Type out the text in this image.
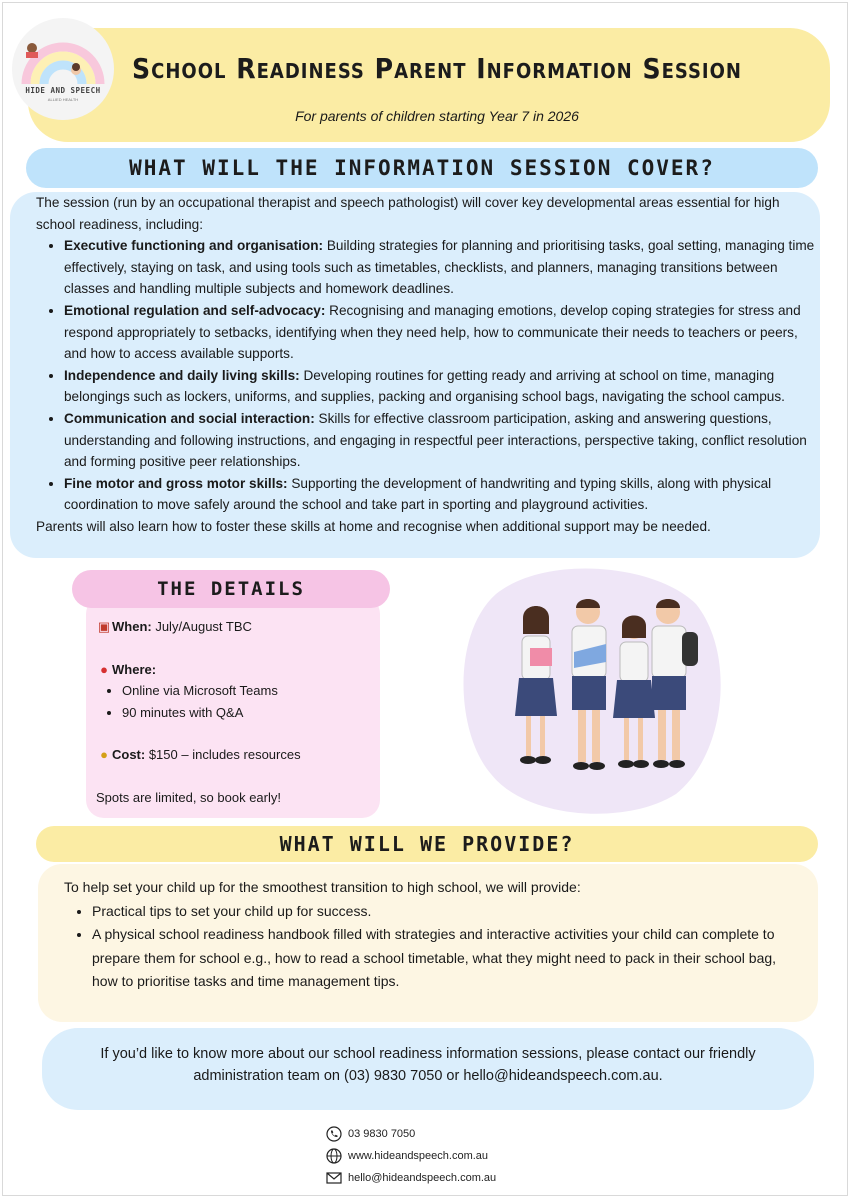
HIDE AND SPEECH
ALLIED HEALTH
School Readiness Parent Information Session
For parents of children starting Year 7 in 2026
WHAT WILL THE INFORMATION SESSION COVER?

The session (run by an occupational therapist and speech pathologist) will cover key developmental areas essential for high school readiness, including:

• Executive functioning and organisation: Building strategies for planning and prioritising tasks, goal setting, managing time effectively, staying on task, and using tools such as timetables, checklists, and planners, managing transitions between classes and handling multiple subjects and homework deadlines.
• Emotional regulation and self-advocacy: Recognising and managing emotions, develop coping strategies for stress and respond appropriately to setbacks, identifying when they need help, how to communicate their needs to teachers or peers, and how to access available supports.
• Independence and daily living skills: Developing routines for getting ready and arriving at school on time, managing belongings such as lockers, uniforms, and supplies, packing and organising school bags, navigating the school campus.
• Communication and social interaction: Skills for effective classroom participation, asking and answering questions, understanding and following instructions, and engaging in respectful peer interactions, perspective taking, conflict resolution and forming positive peer relationships.
• Fine motor and gross motor skills: Supporting the development of handwriting and typing skills, along with physical coordination to move safely around the school and take part in sporting and playground activities.

Parents will also learn how to foster these skills at home and recognise when additional support may be needed.

THE DETAILS
▣ When: July/August TBC
● Where:
• Online via Microsoft Teams
• 90 minutes with Q&A
● Cost: $150 – includes resources
Spots are limited, so book early!
WHAT WILL WE PROVIDE?
To help set your child up for the smoothest transition to high school, we will provide:
• Practical tips to set your child up for success.
• A physical school readiness handbook filled with strategies and interactive activities your child can complete to prepare them for school e.g., how to read a school timetable, what they might need to pack in their school bag, how to prioritise tasks and time management tips.
If you’d like to know more about our school readiness information sessions, please contact our friendly administration team on (03) 9830 7050 or hello@hideandspeech.com.au.
03 9830 7050
www.hideandspeech.com.au
hello@hideandspeech.com.au
